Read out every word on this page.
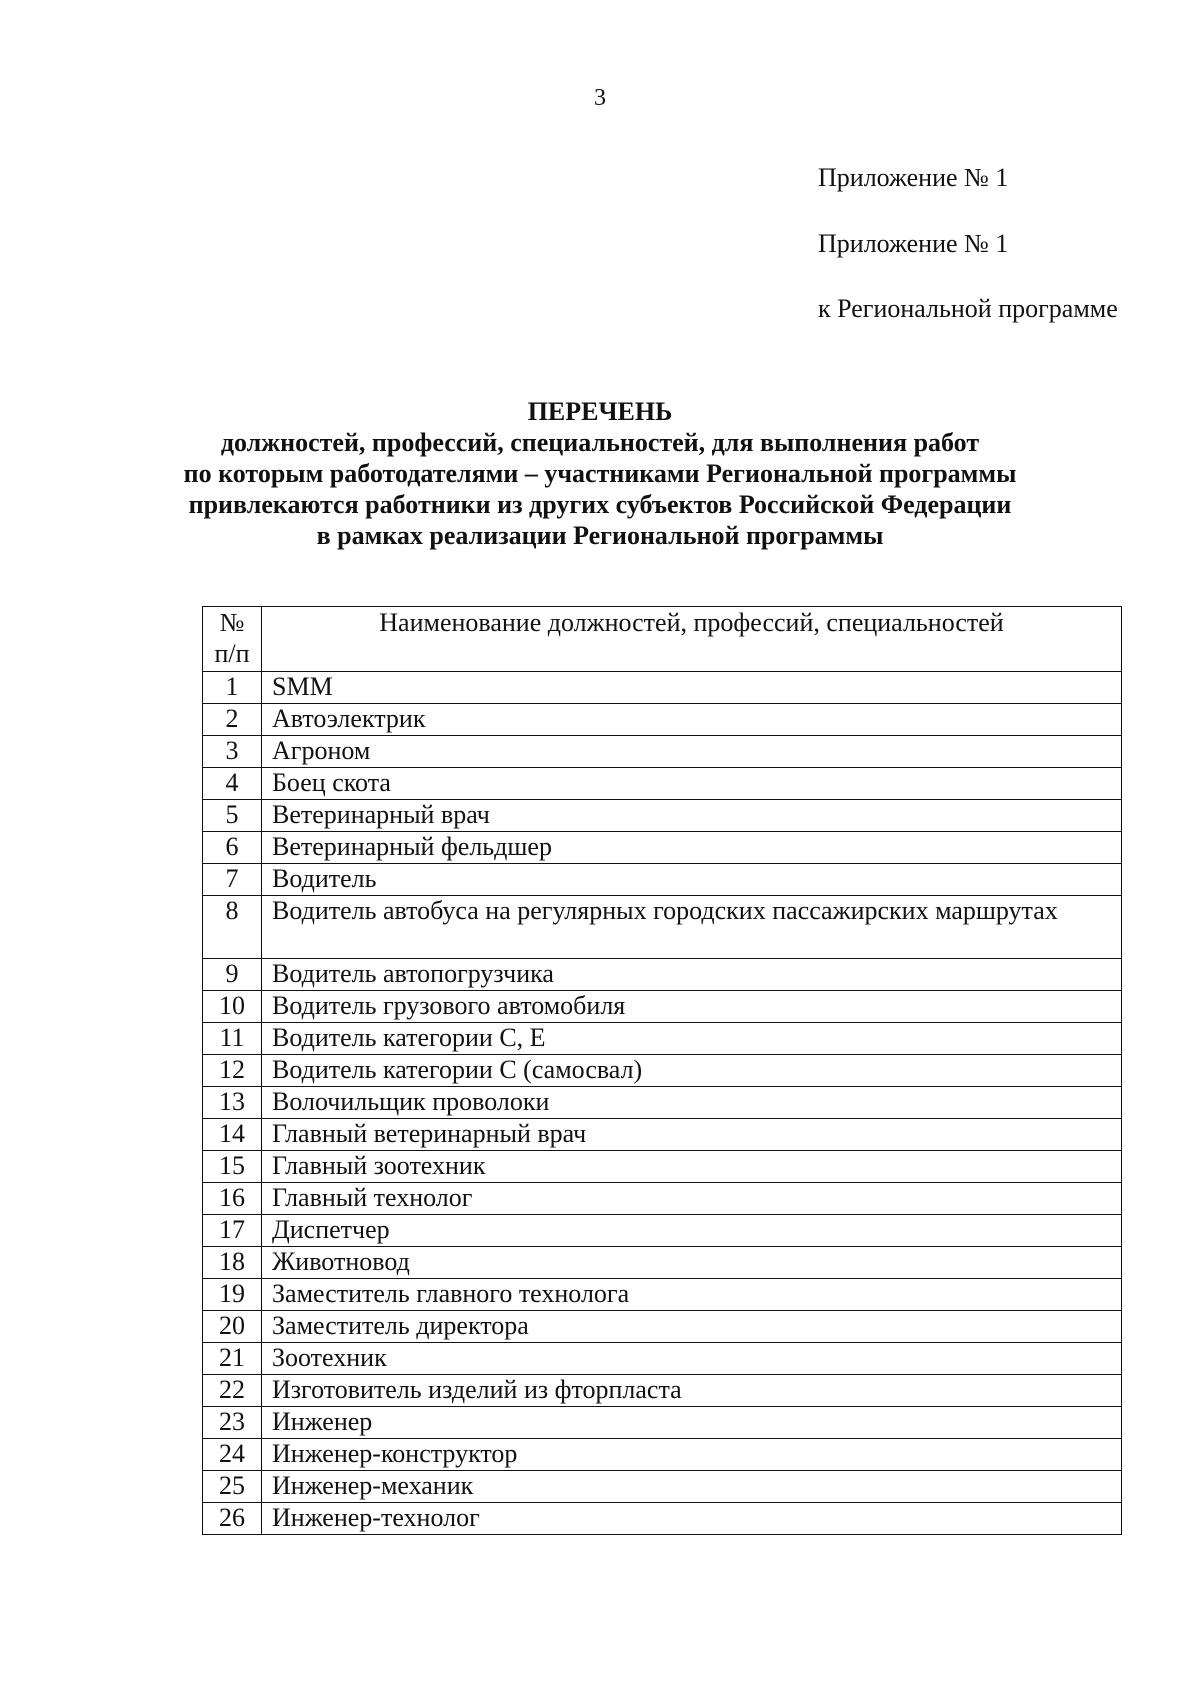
3
Приложение № 1
Приложение № 1
к Региональной программе
ПЕРЕЧЕНЬ
должностей, профессий, специальностей, для выполнения работ
по которым работодателями – участниками Региональной программы
привлекаются работники из других субъектов Российской Федерации
в рамках реализации Региональной программы
№
п/п	Наименование должностей, профессий, специальностей
1	SMM
2	Автоэлектрик
3	Агроном
4	Боец скота
5	Ветеринарный врач
6	Ветеринарный фельдшер
7	Водитель
8	Водитель автобуса на регулярных городских пассажирских маршрутах
9	Водитель автопогрузчика
10	Водитель грузового автомобиля
11	Водитель категории С, Е
12	Водитель категории С (самосвал)
13	Волочильщик проволоки
14	Главный ветеринарный врач
15	Главный зоотехник
16	Главный технолог
17	Диспетчер
18	Животновод
19	Заместитель главного технолога
20	Заместитель директора
21	Зоотехник
22	Изготовитель изделий из фторпласта
23	Инженер
24	Инженер-конструктор
25	Инженер-механик
26	Инженер-технолог
